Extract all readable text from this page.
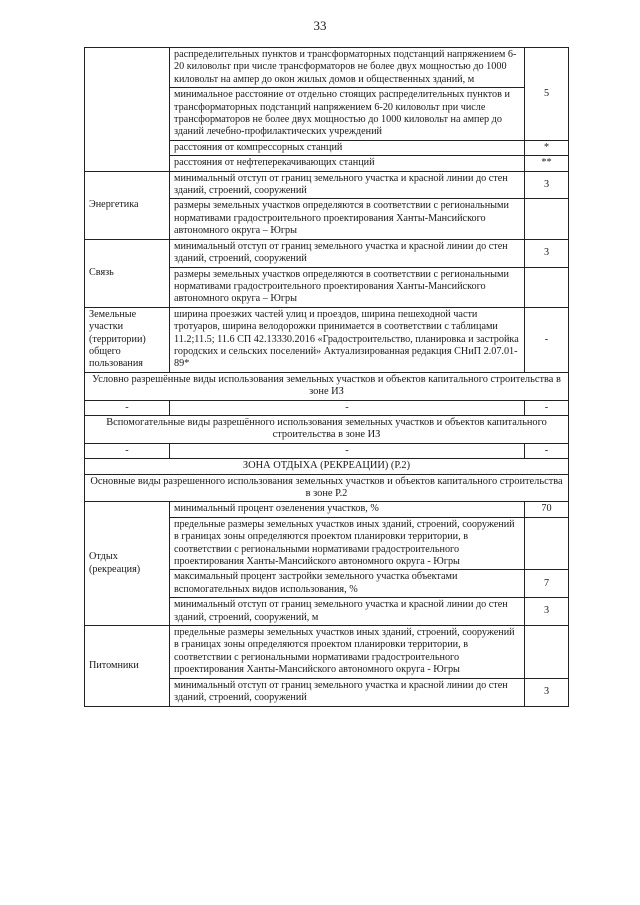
33
	распределительных пунктов и трансформаторных подстанций напряжением 6-20 киловольт при числе трансформаторов не более двух мощностью до 1000 киловольт на ампер до окон жилых домов и общественных зданий, м	5
	минимальное расстояние от отдельно стоящих распределительных пунктов и трансформаторных подстанций напряжением 6-20 киловольт при числе трансформаторов не более двух мощностью до 1000 киловольт на ампер до зданий лечебно-профилактических учреждений	
	расстояния от компрессорных станций	*
	расстояния от нефтеперекачивающих станций	**
Энергетика	минимальный отступ от границ земельного участка и красной линии до стен зданий, строений, сооружений	3
	размеры земельных участков определяются в соответствии с региональными нормативами градостроительного проектирования Ханты-Мансийского автономного округа – Югры	
Связь	минимальный отступ от границ земельного участка и красной линии до стен зданий, строений, сооружений	3
	размеры земельных участков определяются в соответствии с региональными нормативами градостроительного проектирования Ханты-Мансийского автономного округа – Югры	
Земельные участки (территории) общего пользования	ширина проезжих частей улиц и проездов, ширина пешеходной части тротуаров, ширина велодорожки принимается в соответствии с таблицами 11.2;11.5; 11.6 СП 42.13330.2016 «Градостроительство, планировка и застройка городских и сельских поселений» Актуализированная редакция СНиП 2.07.01-89*	-
Условно разрешённые виды использования земельных участков и объектов капитального строительства в зоне ИЗ		
-	-	-
Вспомогательные виды разрешённого использования земельных участков и объектов капитального строительства в зоне ИЗ		
-	-	-
ЗОНА ОТДЫХА (РЕКРЕАЦИИ) (Р.2)		
Основные виды разрешенного использования земельных участков и объектов капитального строительства в зоне Р.2		
Отдых (рекреация)	минимальный процент озеленения участков, %	70
	предельные размеры земельных участков иных зданий, строений, сооружений в границах зоны определяются проектом планировки территории, в соответствии с региональными нормативами градостроительного проектирования Ханты-Мансийского автономного округа - Югры	
	максимальный процент застройки земельного участка объектами вспомогательных видов использования, %	7
	минимальный отступ от границ земельного участка и красной линии до стен зданий, строений, сооружений, м	3
Питомники	предельные размеры земельных участков иных зданий, строений, сооружений в границах зоны определяются проектом планировки территории, в соответствии с региональными нормативами градостроительного проектирования Ханты-Мансийского автономного округа - Югры	
	минимальный отступ от границ земельного участка и красной линии до стен зданий, строений, сооружений	3
